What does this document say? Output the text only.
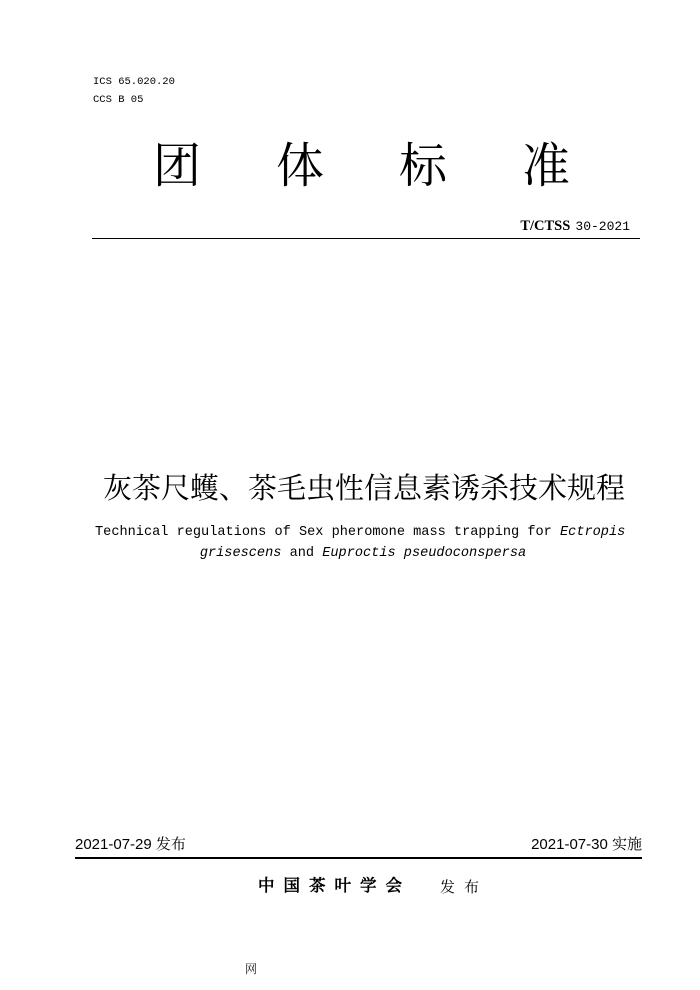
ICS 65.020.20
CCS B 05
团体标准
T/CTSS 30-2021
灰茶尺蠖、茶毛虫性信息素诱杀技术规程
Technical regulations of Sex pheromone mass trapping for Ectropis
grisescens and Euproctis pseudoconspersa
2021-07-29 发布	2021-07-30 实施
中国茶叶学会 发布
网
